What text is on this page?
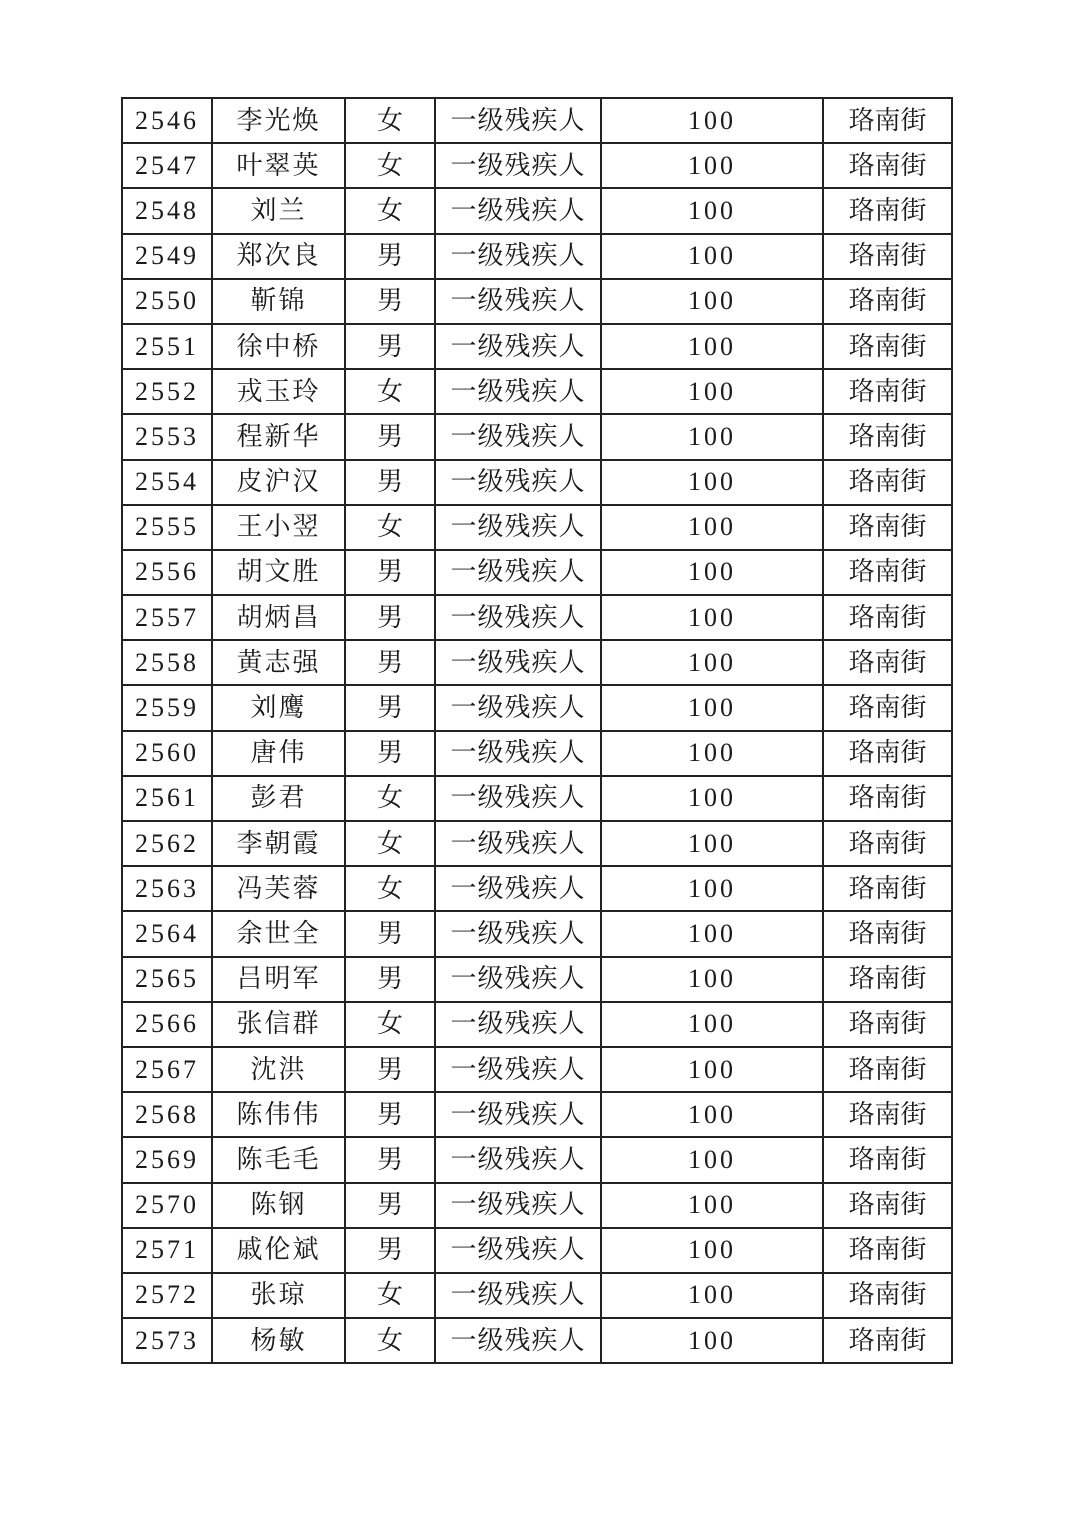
2546	李光焕	女	一级残疾人	100	珞南街
2547	叶翠英	女	一级残疾人	100	珞南街
2548	刘兰	女	一级残疾人	100	珞南街
2549	郑次良	男	一级残疾人	100	珞南街
2550	靳锦	男	一级残疾人	100	珞南街
2551	徐中桥	男	一级残疾人	100	珞南街
2552	戎玉玲	女	一级残疾人	100	珞南街
2553	程新华	男	一级残疾人	100	珞南街
2554	皮沪汉	男	一级残疾人	100	珞南街
2555	王小翌	女	一级残疾人	100	珞南街
2556	胡文胜	男	一级残疾人	100	珞南街
2557	胡炳昌	男	一级残疾人	100	珞南街
2558	黄志强	男	一级残疾人	100	珞南街
2559	刘鹰	男	一级残疾人	100	珞南街
2560	唐伟	男	一级残疾人	100	珞南街
2561	彭君	女	一级残疾人	100	珞南街
2562	李朝霞	女	一级残疾人	100	珞南街
2563	冯芙蓉	女	一级残疾人	100	珞南街
2564	余世全	男	一级残疾人	100	珞南街
2565	吕明军	男	一级残疾人	100	珞南街
2566	张信群	女	一级残疾人	100	珞南街
2567	沈洪	男	一级残疾人	100	珞南街
2568	陈伟伟	男	一级残疾人	100	珞南街
2569	陈毛毛	男	一级残疾人	100	珞南街
2570	陈钢	男	一级残疾人	100	珞南街
2571	戚伦斌	男	一级残疾人	100	珞南街
2572	张琼	女	一级残疾人	100	珞南街
2573	杨敏	女	一级残疾人	100	珞南街
